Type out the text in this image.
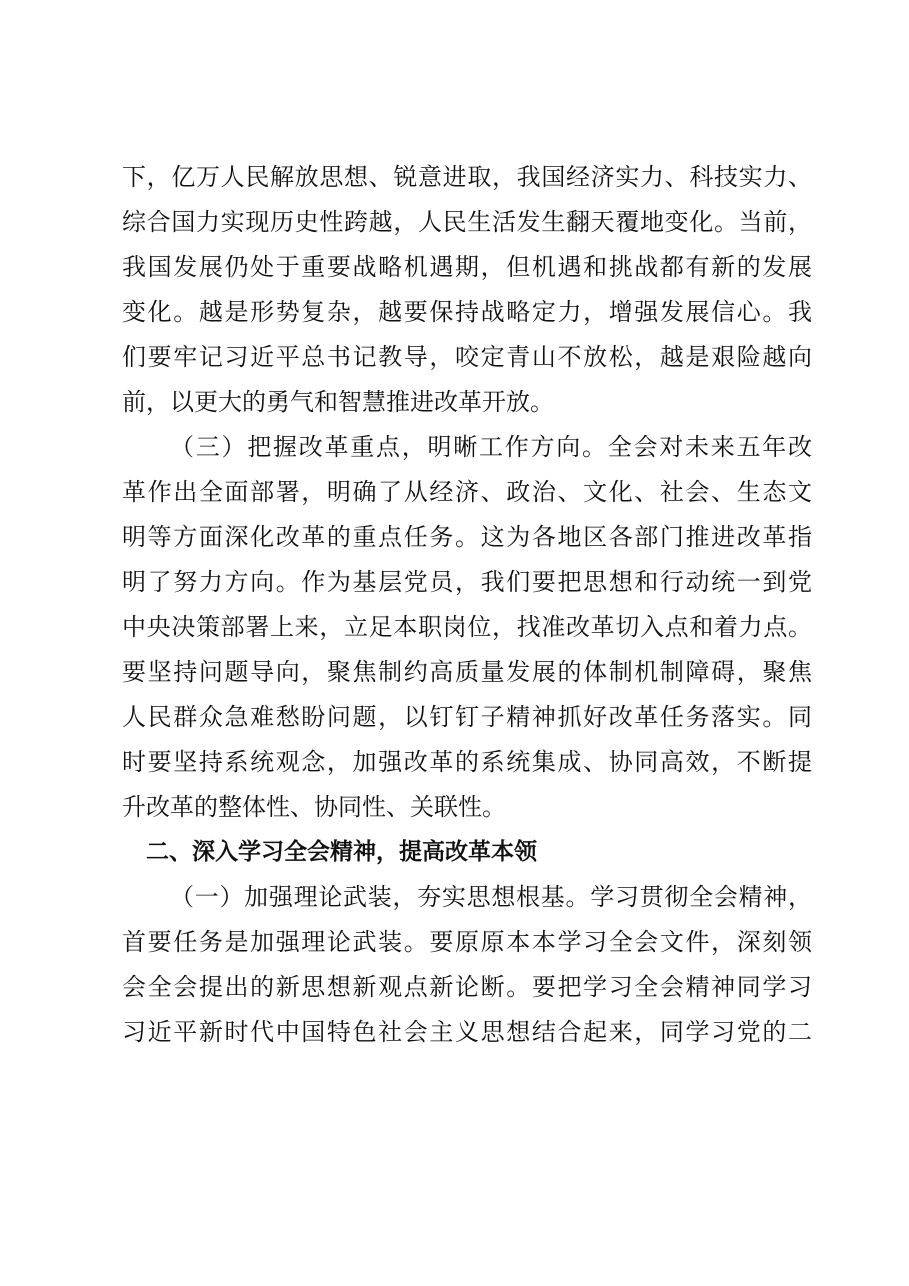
下，亿万人民解放思想、锐意进取，我国经济实力、科技实力、
综合国力实现历史性跨越，人民生活发生翻天覆地变化。当前，
我国发展仍处于重要战略机遇期，但机遇和挑战都有新的发展
变化。越是形势复杂，越要保持战略定力，增强发展信心。我
们要牢记习近平总书记教导，咬定青山不放松，越是艰险越向
前，以更大的勇气和智慧推进改革开放。
（三）把握改革重点，明晰工作方向。全会对未来五年改
革作出全面部署，明确了从经济、政治、文化、社会、生态文
明等方面深化改革的重点任务。这为各地区各部门推进改革指
明了努力方向。作为基层党员，我们要把思想和行动统一到党
中央决策部署上来，立足本职岗位，找准改革切入点和着力点。
要坚持问题导向，聚焦制约高质量发展的体制机制障碍，聚焦
人民群众急难愁盼问题，以钉钉子精神抓好改革任务落实。同
时要坚持系统观念，加强改革的系统集成、协同高效，不断提
升改革的整体性、协同性、关联性。
二、深入学习全会精神，提高改革本领
（一）加强理论武装，夯实思想根基。学习贯彻全会精神，
首要任务是加强理论武装。要原原本本学习全会文件，深刻领
会全会提出的新思想新观点新论断。要把学习全会精神同学习
习近平新时代中国特色社会主义思想结合起来，同学习党的二
